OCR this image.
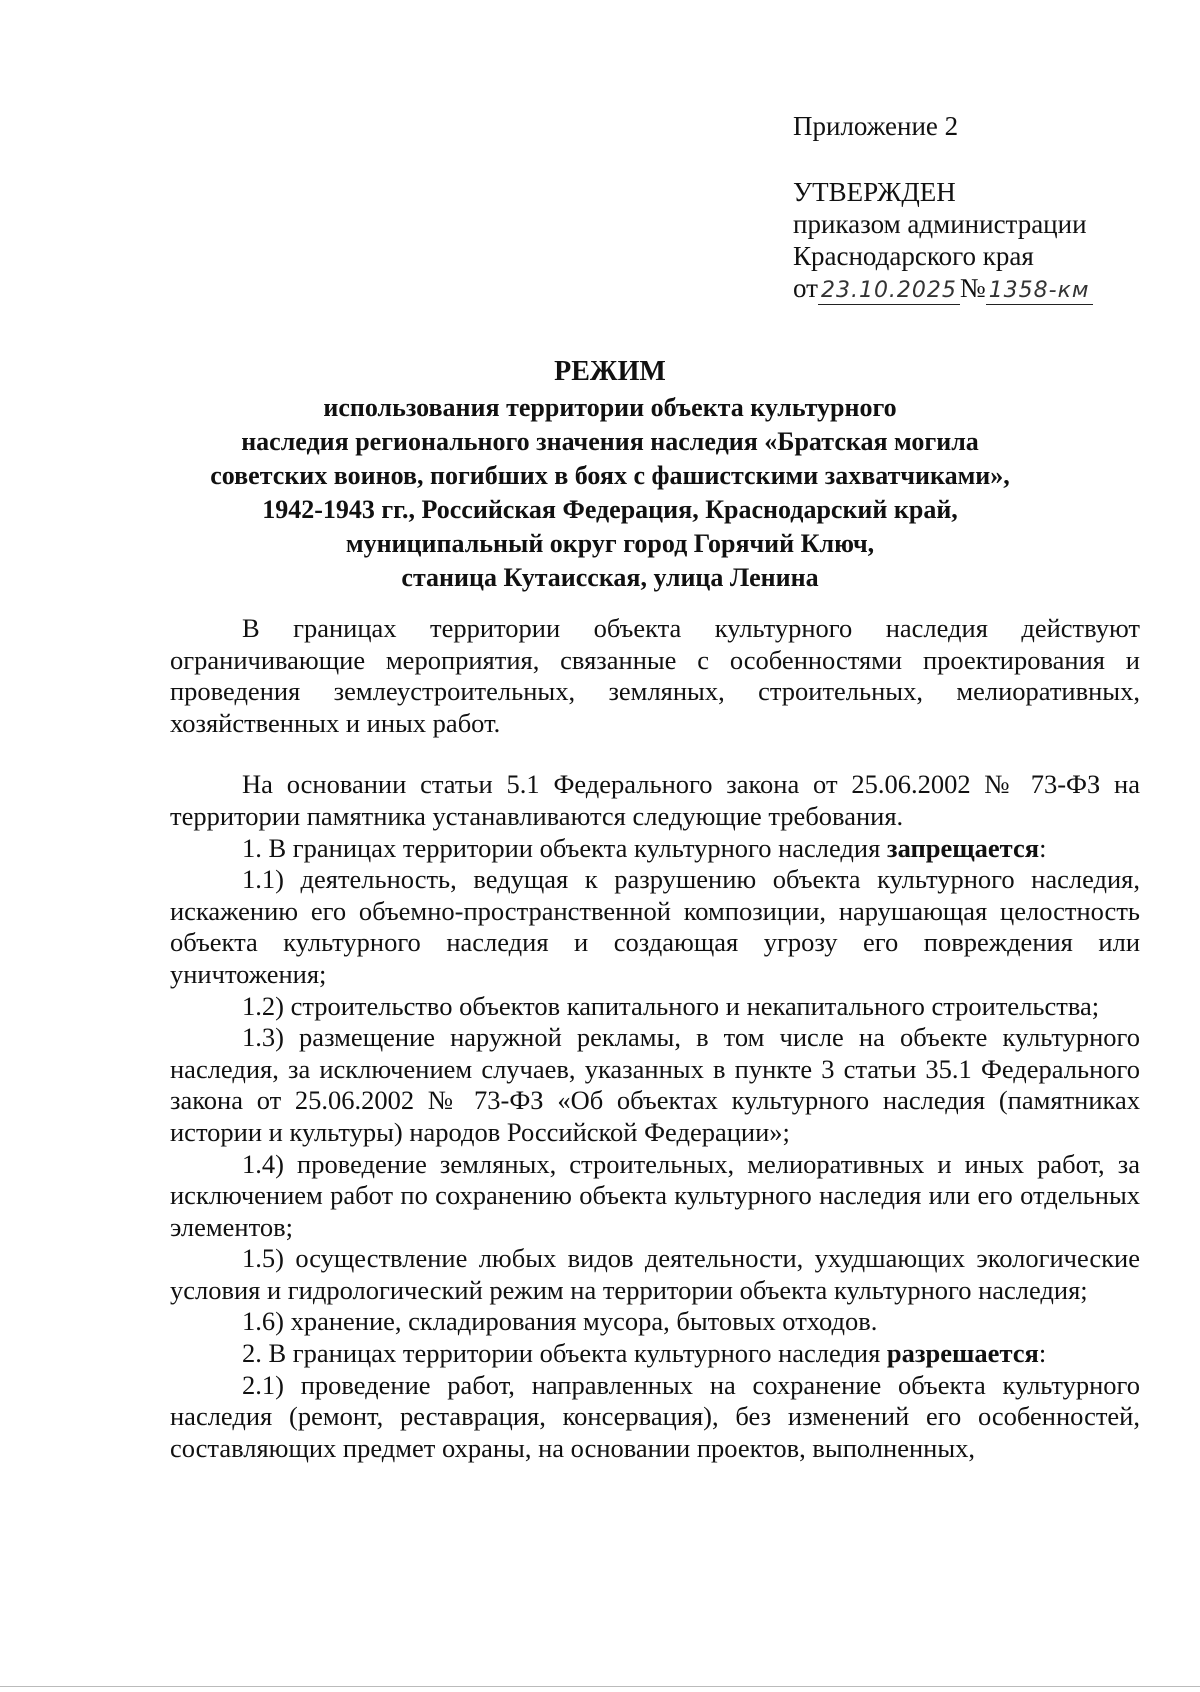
Приложение 2
УТВЕРЖДЕН
приказом администрации
Краснодарского края
от 23.10.2025 № 1358-км
РЕЖИМ
использования территории объекта культурного
наследия регионального значения наследия «Братская могила
советских воинов, погибших в боях с фашистскими захватчиками»,
1942-1943 гг., Российская Федерация, Краснодарский край,
муниципальный округ город Горячий Ключ,
станица Кутаисская, улица Ленина

В границах территории объекта культурного наследия действуют ограничивающие мероприятия, связанные с особенностями проектирования и проведения землеустроительных, земляных, строительных, мелиоративных, хозяйственных и иных работ.

На основании статьи 5.1 Федерального закона от 25.06.2002 № 73-ФЗ на территории памятника устанавливаются следующие требования.

1. В границах территории объекта культурного наследия запрещается:

1.1) деятельность, ведущая к разрушению объекта культурного наследия, искажению его объемно-пространственной композиции, нарушающая целостность объекта культурного наследия и создающая угрозу его повреждения или уничтожения;

1.2) строительство объектов капитального и некапитального строительства;

1.3) размещение наружной рекламы, в том числе на объекте культурного наследия, за исключением случаев, указанных в пункте 3 статьи 35.1 Федерального закона от 25.06.2002 № 73-ФЗ «Об объектах культурного наследия (памятниках истории и культуры) народов Российской Федерации»;

1.4) проведение земляных, строительных, мелиоративных и иных работ, за исключением работ по сохранению объекта культурного наследия или его отдельных элементов;

1.5) осуществление любых видов деятельности, ухудшающих экологические условия и гидрологический режим на территории объекта культурного наследия;

1.6) хранение, складирования мусора, бытовых отходов.

2. В границах территории объекта культурного наследия разрешается:

2.1) проведение работ, направленных на сохранение объекта культурного наследия (ремонт, реставрация, консервация), без изменений его особенностей, составляющих предмет охраны, на основании проектов, выполненных,
